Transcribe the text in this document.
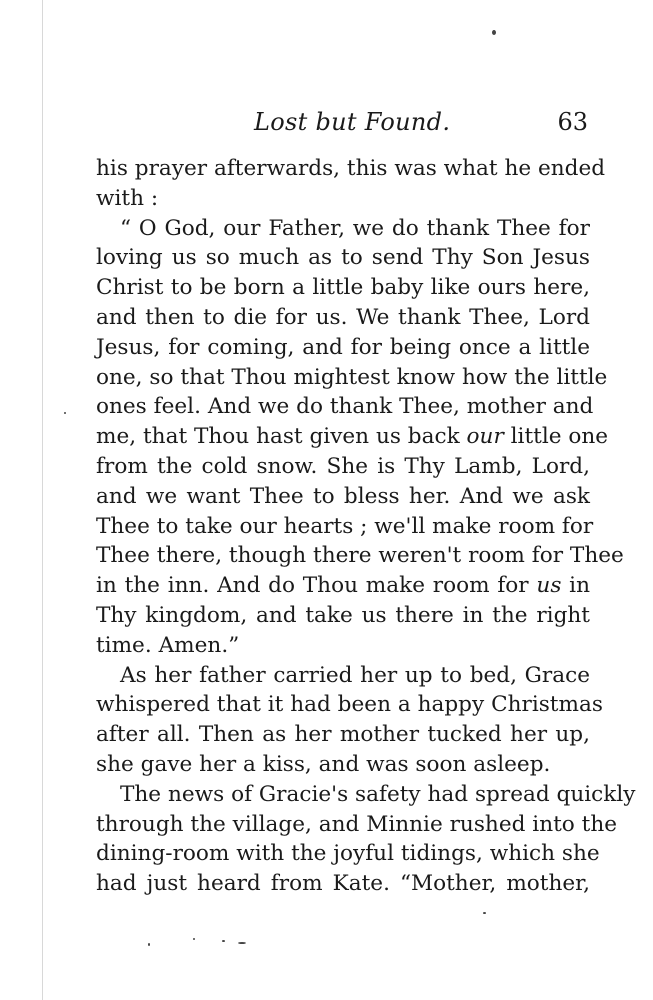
Lost but Found.	63
his prayer afterwards, this was what he ended
with :
“ O God, our Father, we do thank Thee for
loving us so much as to send Thy Son Jesus
Christ to be born a little baby like ours here,
and then to die for us. We thank Thee, Lord
Jesus, for coming, and for being once a little
one, so that Thou mightest know how the little
ones feel. And we do thank Thee, mother and
me, that Thou hast given us back our little one
from the cold snow. She is Thy Lamb, Lord,
and we want Thee to bless her. And we ask
Thee to take our hearts ; we'll make room for
Thee there, though there weren't room for Thee
in the inn. And do Thou make room for us in
Thy kingdom, and take us there in the right
time. Amen.”
As her father carried her up to bed, Grace
whispered that it had been a happy Christmas
after all. Then as her mother tucked her up,
she gave her a kiss, and was soon asleep.
The news of Gracie's safety had spread quickly
through the village, and Minnie rushed into the
dining-room with the joyful tidings, which she
had just heard from Kate. “Mother, mother,
